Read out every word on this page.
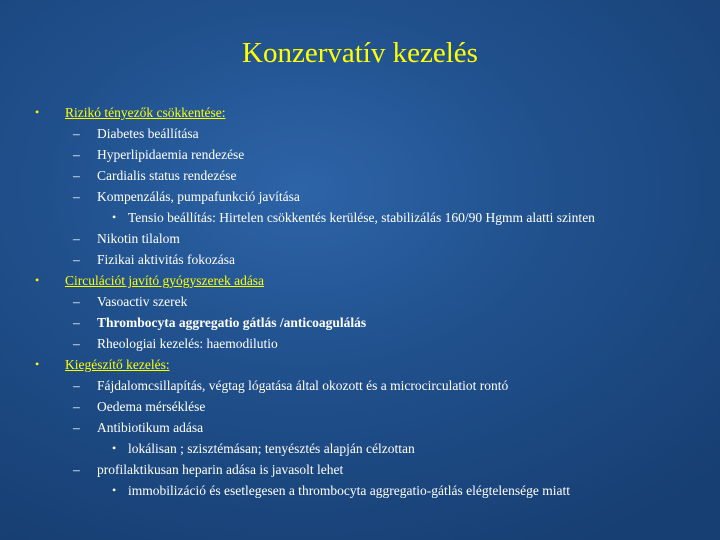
Konzervatív kezelés
• Rizikó tényezők csökkentése:
– Diabetes beállítása
– Hyperlipidaemia rendezése
– Cardialis status rendezése
– Kompenzálás, pumpafunkció javítása
• Tensio beállítás: Hirtelen csökkentés kerülése, stabilizálás 160/90 Hgmm alatti szinten
– Nikotin tilalom
– Fizikai aktivitás fokozása
• Circulációt javító gyógyszerek adása
– Vasoactiv szerek
– Thrombocyta aggregatio gátlás /anticoagulálás
– Rheologiai kezelés: haemodilutio
• Kiegészítő kezelés:
– Fájdalomcsillapítás, végtag lógatása által okozott és a microcirculatiot rontó
– Oedema mérséklése
– Antibiotikum adása
• lokálisan ; szisztémásan; tenyésztés alapján célzottan
– profilaktikusan heparin adása is javasolt lehet
• immobilizáció és esetlegesen a thrombocyta aggregatio-gátlás elégtelensége miatt
